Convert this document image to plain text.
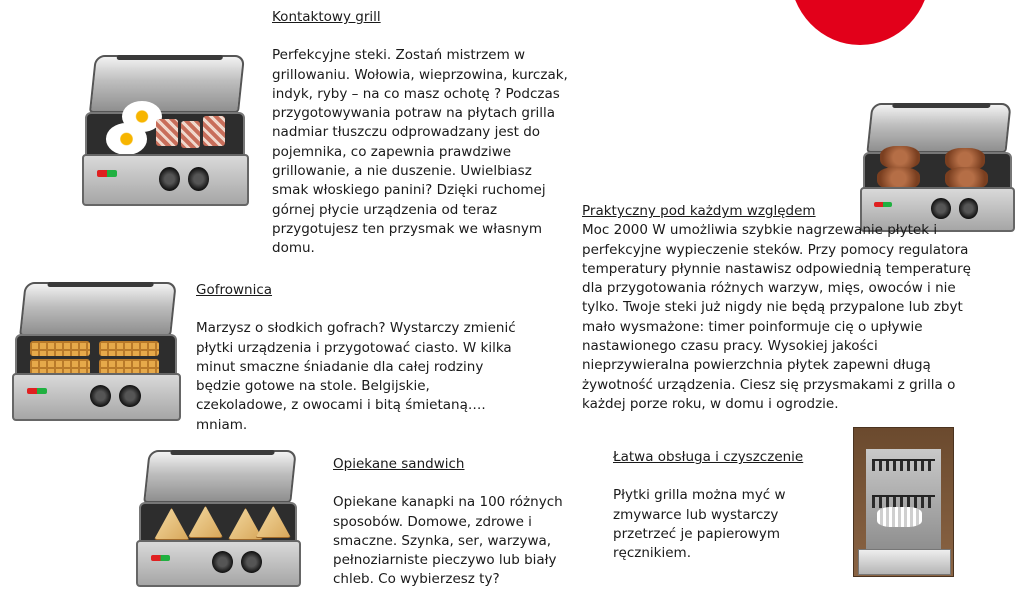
Kontaktowy grill

Perfekcyjne steki. Zostań mistrzem w grillowaniu. Wołowia, wieprzowina, kurczak, indyk, ryby – na co masz ochotę ? Podczas przygotowywania potraw na płytach grilla nadmiar tłuszczu odprowadzany jest do pojemnika, co zapewnia prawdziwe grillowanie, a nie duszenie. Uwielbiasz smak włoskiego panini? Dzięki ruchomej górnej płycie urządzenia od teraz przygotujesz ten przysmak we własnym domu.

Gofrownica

Marzysz o słodkich gofrach? Wystarczy zmienić płytki urządzenia i przygotować ciasto. W kilka minut smaczne śniadanie dla całej rodziny będzie gotowe na stole. Belgijskie, czekoladowe, z owocami i bitą śmietaną…. mniam.

Opiekane sandwich

Opiekane kanapki na 100 różnych sposobów. Domowe, zdrowe i smaczne. Szynka, ser, warzywa, pełnoziarniste pieczywo lub biały chleb. Co wybierzesz ty?

Praktyczny pod każdym względem

Moc 2000 W umożliwia szybkie nagrzewanie płytek i perfekcyjne wypieczenie steków. Przy pomocy regulatora temperatury płynnie nastawisz odpowiednią temperaturę dla przygotowania różnych warzyw, mięs, owoców i nie tylko. Twoje steki już nigdy nie będą przypalone lub zbyt mało wysmażone: timer poinformuje cię o upływie nastawionego czasu pracy. Wysokiej jakości nieprzywieralna powierzchnia płytek zapewni długą żywotność urządzenia. Ciesz się przysmakami z grilla o każdej porze roku, w domu i ogrodzie.

Łatwa obsługa i czyszczenie

Płytki grilla można myć w zmywarce lub wystarczy przetrzeć je papierowym ręcznikiem.
